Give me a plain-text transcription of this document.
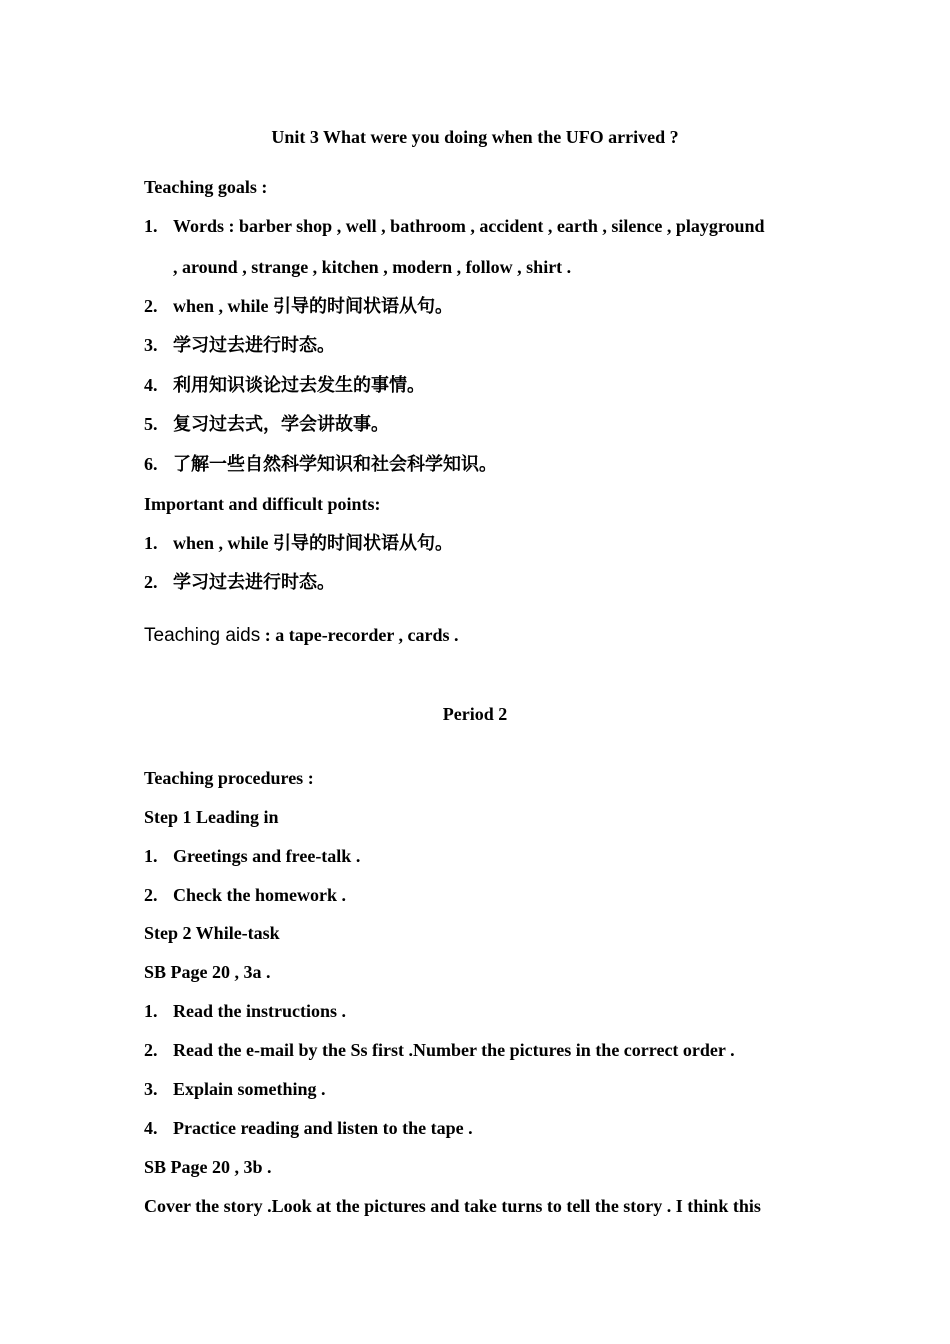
Unit 3 What were you doing when the UFO arrived ?
Teaching goals :
1. Words : barber shop , well , bathroom , accident , earth , silence , playground
, around , strange , kitchen , modern , follow , shirt .
2. when , while 引导的时间状语从句。
3. 学习过去进行时态。
4. 利用知识谈论过去发生的事情。
5. 复习过去式，学会讲故事。
6. 了解一些自然科学知识和社会科学知识。
Important and difficult points:
1. when , while 引导的时间状语从句。
2. 学习过去进行时态。
Teaching aids : a tape-recorder , cards .
Period 2
Teaching procedures :
Step 1 Leading in
1. Greetings and free-talk .
2. Check the homework .
Step 2 While-task
SB Page 20 , 3a .
1. Read the instructions .
2. Read the e-mail by the Ss first .Number the pictures in the correct order .
3. Explain something .
4. Practice reading and listen to the tape .
SB Page 20 , 3b .
Cover the story .Look at the pictures and take turns to tell the story . I think this
